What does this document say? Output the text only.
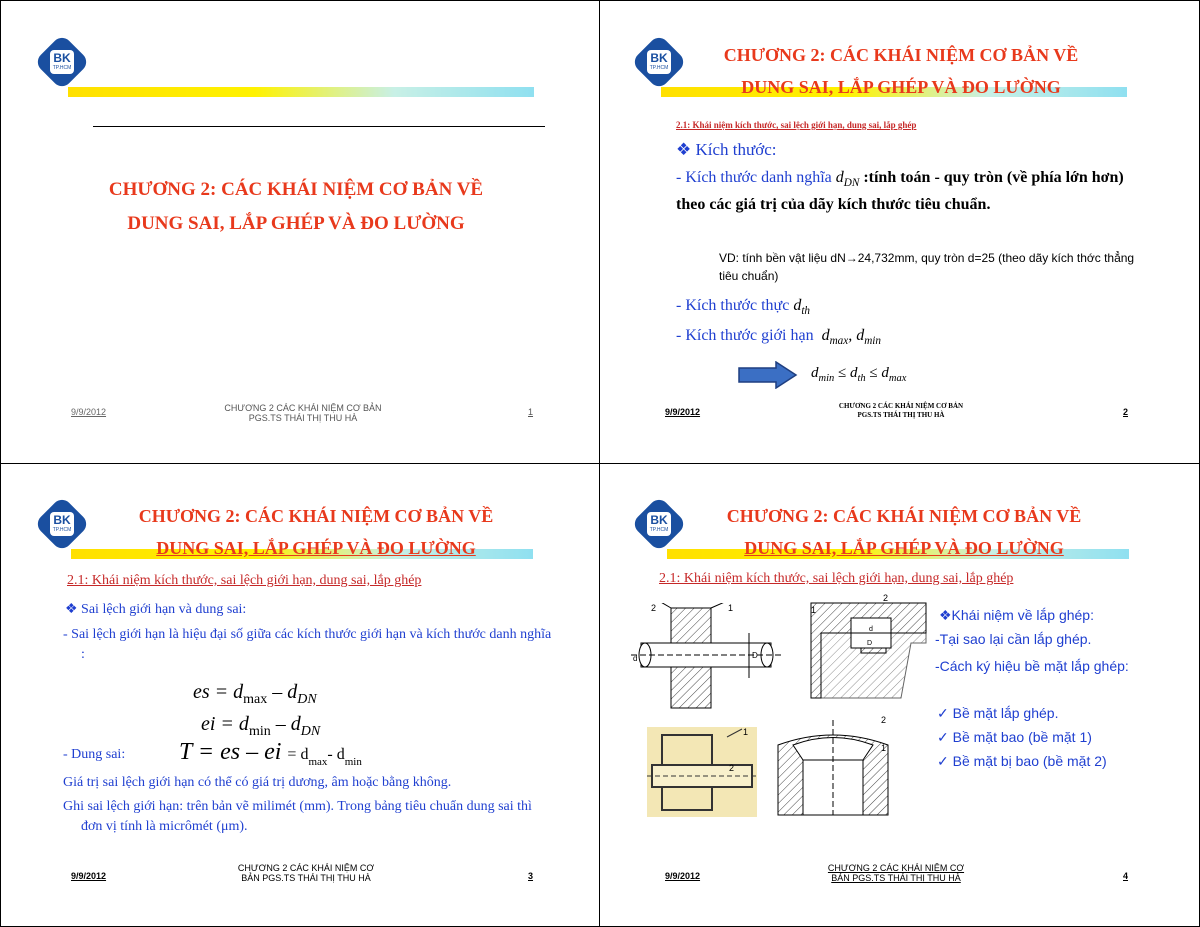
BK
TP.HCM
CHƯƠNG 2: CÁC KHÁI NIỆM CƠ BẢN VỀ
DUNG SAI, LẮP GHÉP VÀ ĐO LƯỜNG
9/9/2012	CHƯƠNG 2 CÁC KHÁI NIỆM CƠ BẢN
PGS.TS THÁI THỊ THU HÀ
1
BK
TP.HCM
CHƯƠNG 2: CÁC KHÁI NIỆM CƠ BẢN VỀ
DUNG SAI, LẮP GHÉP VÀ ĐO LƯỜNG
2.1: Khái niệm kích thước, sai lệch giới hạn, dung sai, lắp ghép
❖ Kích thước:
- Kích thước danh nghĩa $d_{DN}$ :tính toán - quy tròn (về phía lớn hơn) theo các giá trị của dãy kích thước tiêu chuẩn.
VD: tính bền vật liệu dN→24,732mm, quy tròn d=25 (theo dãy kích thớc thẳng tiêu chuẩn)
- Kích thước thực $d_{th}$
- Kích thước giới hạn $d_{max}$, $d_{min}$
$d_{min} \le d_{th} \le d_{max}$
9/9/2012
CHƯƠNG 2 CÁC KHÁI NIỆM CƠ BẢN
PGS.TS THÁI THỊ THU HÀ	2
BK
TP.HCM
CHƯƠNG 2: CÁC KHÁI NIỆM CƠ BẢN VỀ
DUNG SAI, LẮP GHÉP VÀ ĐO LƯỜNG
2.1: Khái niệm kích thước, sai lệch giới hạn, dung sai, lắp ghép
❖ Sai lệch giới hạn và dung sai:
- Sai lệch giới hạn là hiệu đại số giữa các kích thước giới hạn và kích thước danh nghĩa :
es = $d_{max} - d_{DN}$
ei = $d_{min} - d_{DN}$
- Dung sai: T = es – ei = $d_{max}-$ $d_{min}$
Giá trị sai lệch giới hạn có thể có giá trị dương, âm hoặc bằng không.
Ghi sai lệch giới hạn: trên bản vẽ milimét (mm). Trong bảng tiêu chuẩn dung sai thì đơn vị tính là micrômét (μm).
9/9/2012
CHƯƠNG 2 CÁC KHÁI NIỆM CƠ
BẢN PGS.TS THÁI THỊ THU HÀ	3
BK
TP.HCM
CHƯƠNG 2: CÁC KHÁI NIỆM CƠ BẢN VỀ
DUNG SAI, LẮP GHÉP VÀ ĐO LƯỜNG
2.1: Khái niệm kích thước, sai lệch giới hạn, dung sai, lắp ghép
2	1
d	D
d
D
1
2
1
2
2
1
❖Khái niệm về lắp ghép:
-Tại sao lại cần lắp ghép.
-Cách ký hiệu bề mặt lắp ghép:
✓ Bề mặt lắp ghép.
✓ Bề mặt bao (bề mặt 1)
✓ Bề mặt bị bao (bề mặt 2)
9/9/2012
CHƯƠNG 2 CÁC KHÁI NIỆM CƠ
BẢN PGS.TS THÁI THỊ THU HÀ	4
